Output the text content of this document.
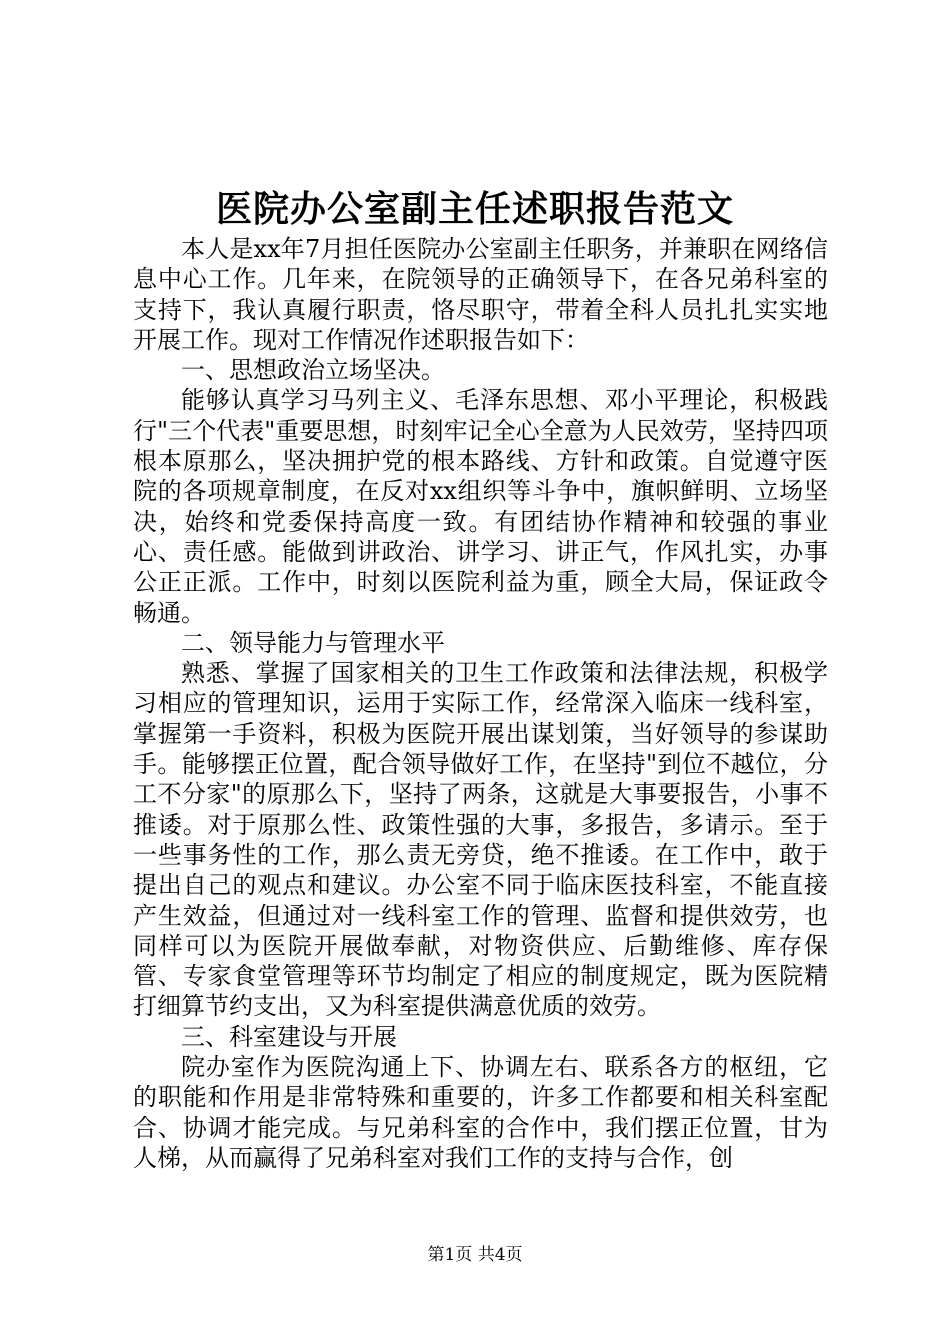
医院办公室副主任述职报告范文

本人是xx年7月担任医院办公室副主任职务，并兼职在网络信息中心工作。几年来，在院领导的正确领导下，在各兄弟科室的支持下，我认真履行职责，恪尽职守，带着全科人员扎扎实实地开展工作。现对工作情况作述职报告如下：

一、思想政治立场坚决。

能够认真学习马列主义、毛泽东思想、邓小平理论，积极践行"三个代表"重要思想，时刻牢记全心全意为人民效劳，坚持四项根本原那么，坚决拥护党的根本路线、方针和政策。自觉遵守医院的各项规章制度，在反对xx组织等斗争中，旗帜鲜明、立场坚决，始终和党委保持高度一致。有团结协作精神和较强的事业心、责任感。能做到讲政治、讲学习、讲正气，作风扎实，办事公正正派。工作中，时刻以医院利益为重，顾全大局，保证政令畅通。

二、领导能力与管理水平

熟悉、掌握了国家相关的卫生工作政策和法律法规，积极学习相应的管理知识，运用于实际工作，经常深入临床一线科室，掌握第一手资料，积极为医院开展出谋划策，当好领导的参谋助手。能够摆正位置，配合领导做好工作，在坚持"到位不越位，分工不分家"的原那么下，坚持了两条，这就是大事要报告，小事不推诿。对于原那么性、政策性强的大事，多报告，多请示。至于一些事务性的工作，那么责无旁贷，绝不推诿。在工作中，敢于提出自己的观点和建议。办公室不同于临床医技科室，不能直接产生效益，但通过对一线科室工作的管理、监督和提供效劳，也同样可以为医院开展做奉献，对物资供应、后勤维修、库存保管、专家食堂管理等环节均制定了相应的制度规定，既为医院精打细算节约支出，又为科室提供满意优质的效劳。

三、科室建设与开展

院办室作为医院沟通上下、协调左右、联系各方的枢纽，它的职能和作用是非常特殊和重要的，许多工作都要和相关科室配合、协调才能完成。与兄弟科室的合作中，我们摆正位置，甘为人梯，从而赢得了兄弟科室对我们工作的支持与合作，创

第1页 共4页
